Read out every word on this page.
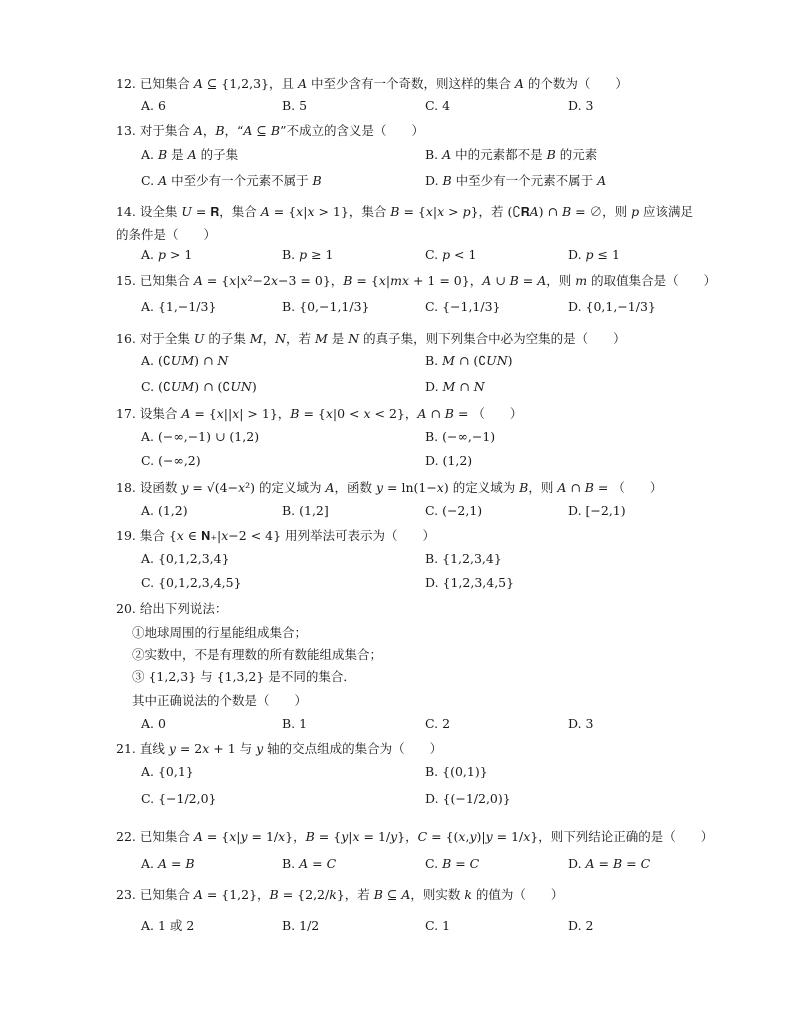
12. 已知集合 𝐴 ⊆ {1,2,3}，且 𝐴 中至少含有一个奇数，则这样的集合 𝐴 的个数为（　　）
A. 6	B. 5	C. 4	D. 3
13. 对于集合 𝐴，𝐵，“𝐴 ⊆ 𝐵”不成立的含义是（　　）
A. 𝐵 是 𝐴 的子集	B. 𝐴 中的元素都不是 𝐵 的元素
C. 𝐴 中至少有一个元素不属于 𝐵	D. 𝐵 中至少有一个元素不属于 𝐴
14. 设全集 𝑈 = 𝐑，集合 𝐴 = {𝑥|𝑥 > 1}，集合 𝐵 = {𝑥|𝑥 > 𝑝}，若 (∁𝐑𝐴) ∩ 𝐵 = ∅，则 𝑝 应该满足的条件是（　　）
A. 𝑝 > 1	B. 𝑝 ≥ 1	C. 𝑝 < 1	D. 𝑝 ≤ 1
15. 已知集合 𝐴 = {𝑥|𝑥²−2𝑥−3 = 0}，𝐵 = {𝑥|𝑚𝑥 + 1 = 0}，𝐴 ∪ 𝐵 = 𝐴，则 𝑚 的取值集合是（　　）
A. {1,−1/3}	B. {0,−1,1/3}	C. {−1,1/3}	D. {0,1,−1/3}
16. 对于全集 𝑈 的子集 𝑀，𝑁，若 𝑀 是 𝑁 的真子集，则下列集合中必为空集的是（　　）
A. (∁𝑈𝑀) ∩ 𝑁	B. 𝑀 ∩ (∁𝑈𝑁)
C. (∁𝑈𝑀) ∩ (∁𝑈𝑁)	D. 𝑀 ∩ 𝑁
17. 设集合 𝐴 = {𝑥||𝑥| > 1}，𝐵 = {𝑥|0 < 𝑥 < 2}，𝐴 ∩ 𝐵 = （　　）
A. (−∞,−1) ∪ (1,2)	B. (−∞,−1)
C. (−∞,2)	D. (1,2)
18. 设函数 𝑦 = √(4−𝑥²) 的定义域为 𝐴，函数 𝑦 = ln(1−𝑥) 的定义域为 𝐵，则 𝐴 ∩ 𝐵 = （　　）
A. (1,2)	B. (1,2]	C. (−2,1)	D. [−2,1)
19. 集合 {𝑥 ∈ 𝐍₊|𝑥−2 < 4} 用列举法可表示为（　　）
A. {0,1,2,3,4}	B. {1,2,3,4}
C. {0,1,2,3,4,5}	D. {1,2,3,4,5}
20. 给出下列说法：
①地球周围的行星能组成集合；
②实数中，不是有理数的所有数能组成集合；
③ {1,2,3} 与 {1,3,2} 是不同的集合．
其中正确说法的个数是（　　）
A. 0	B. 1	C. 2	D. 3
21. 直线 𝑦 = 2𝑥 + 1 与 𝑦 轴的交点组成的集合为（　　）
A. {0,1}	B. {(0,1)}
C. {−1/2,0}	D. {(−1/2,0)}
22. 已知集合 𝐴 = {𝑥|𝑦 = 1/𝑥}，𝐵 = {𝑦|𝑥 = 1/𝑦}，𝐶 = {(𝑥,𝑦)|𝑦 = 1/𝑥}，则下列结论正确的是（　　）
A. 𝐴 = 𝐵	B. 𝐴 = 𝐶	C. 𝐵 = 𝐶	D. 𝐴 = 𝐵 = 𝐶
23. 已知集合 𝐴 = {1,2}，𝐵 = {2,2/𝑘}，若 𝐵 ⊆ 𝐴，则实数 𝑘 的值为（　　）
A. 1 或 2	B. 1/2	C. 1	D. 2
